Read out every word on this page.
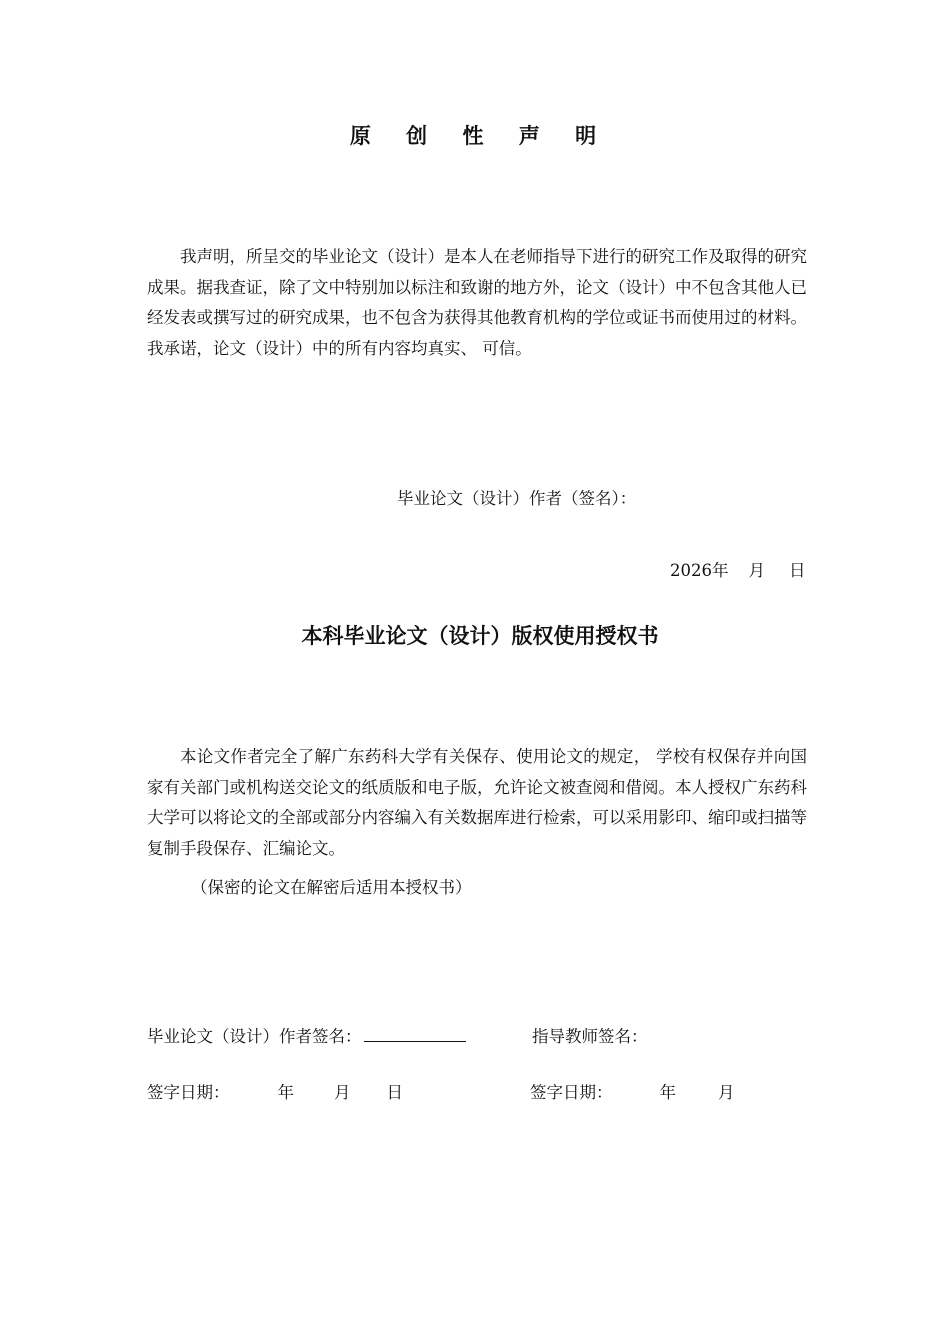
原 创 性 声 明
我声明，所呈交的毕业论文（设计）是本人在老师指导下进行的研究工作及取得的研究成果。据我查证，除了文中特别加以标注和致谢的地方外，论文（设计）中不包含其他人已经发表或撰写过的研究成果，也不包含为获得其他教育机构的学位或证书而使用过的材料。我承诺，论文（设计）中的所有内容均真实、 可信。
毕业论文（设计）作者（签名）：
2026年 月 日
本科毕业论文（设计）版权使用授权书
本论文作者完全了解广东药科大学有关保存、使用论文的规定， 学校有权保存并向国家有关部门或机构送交论文的纸质版和电子版，允许论文被查阅和借阅。本人授权广东药科大学可以将论文的全部或部分内容编入有关数据库进行检索，可以采用影印、缩印或扫描等复制手段保存、汇编论文。
（保密的论文在解密后适用本授权书）
毕业论文（设计）作者签名：	指导教师签名：
签字日期：	年 月 日	签字日期：	年	月
